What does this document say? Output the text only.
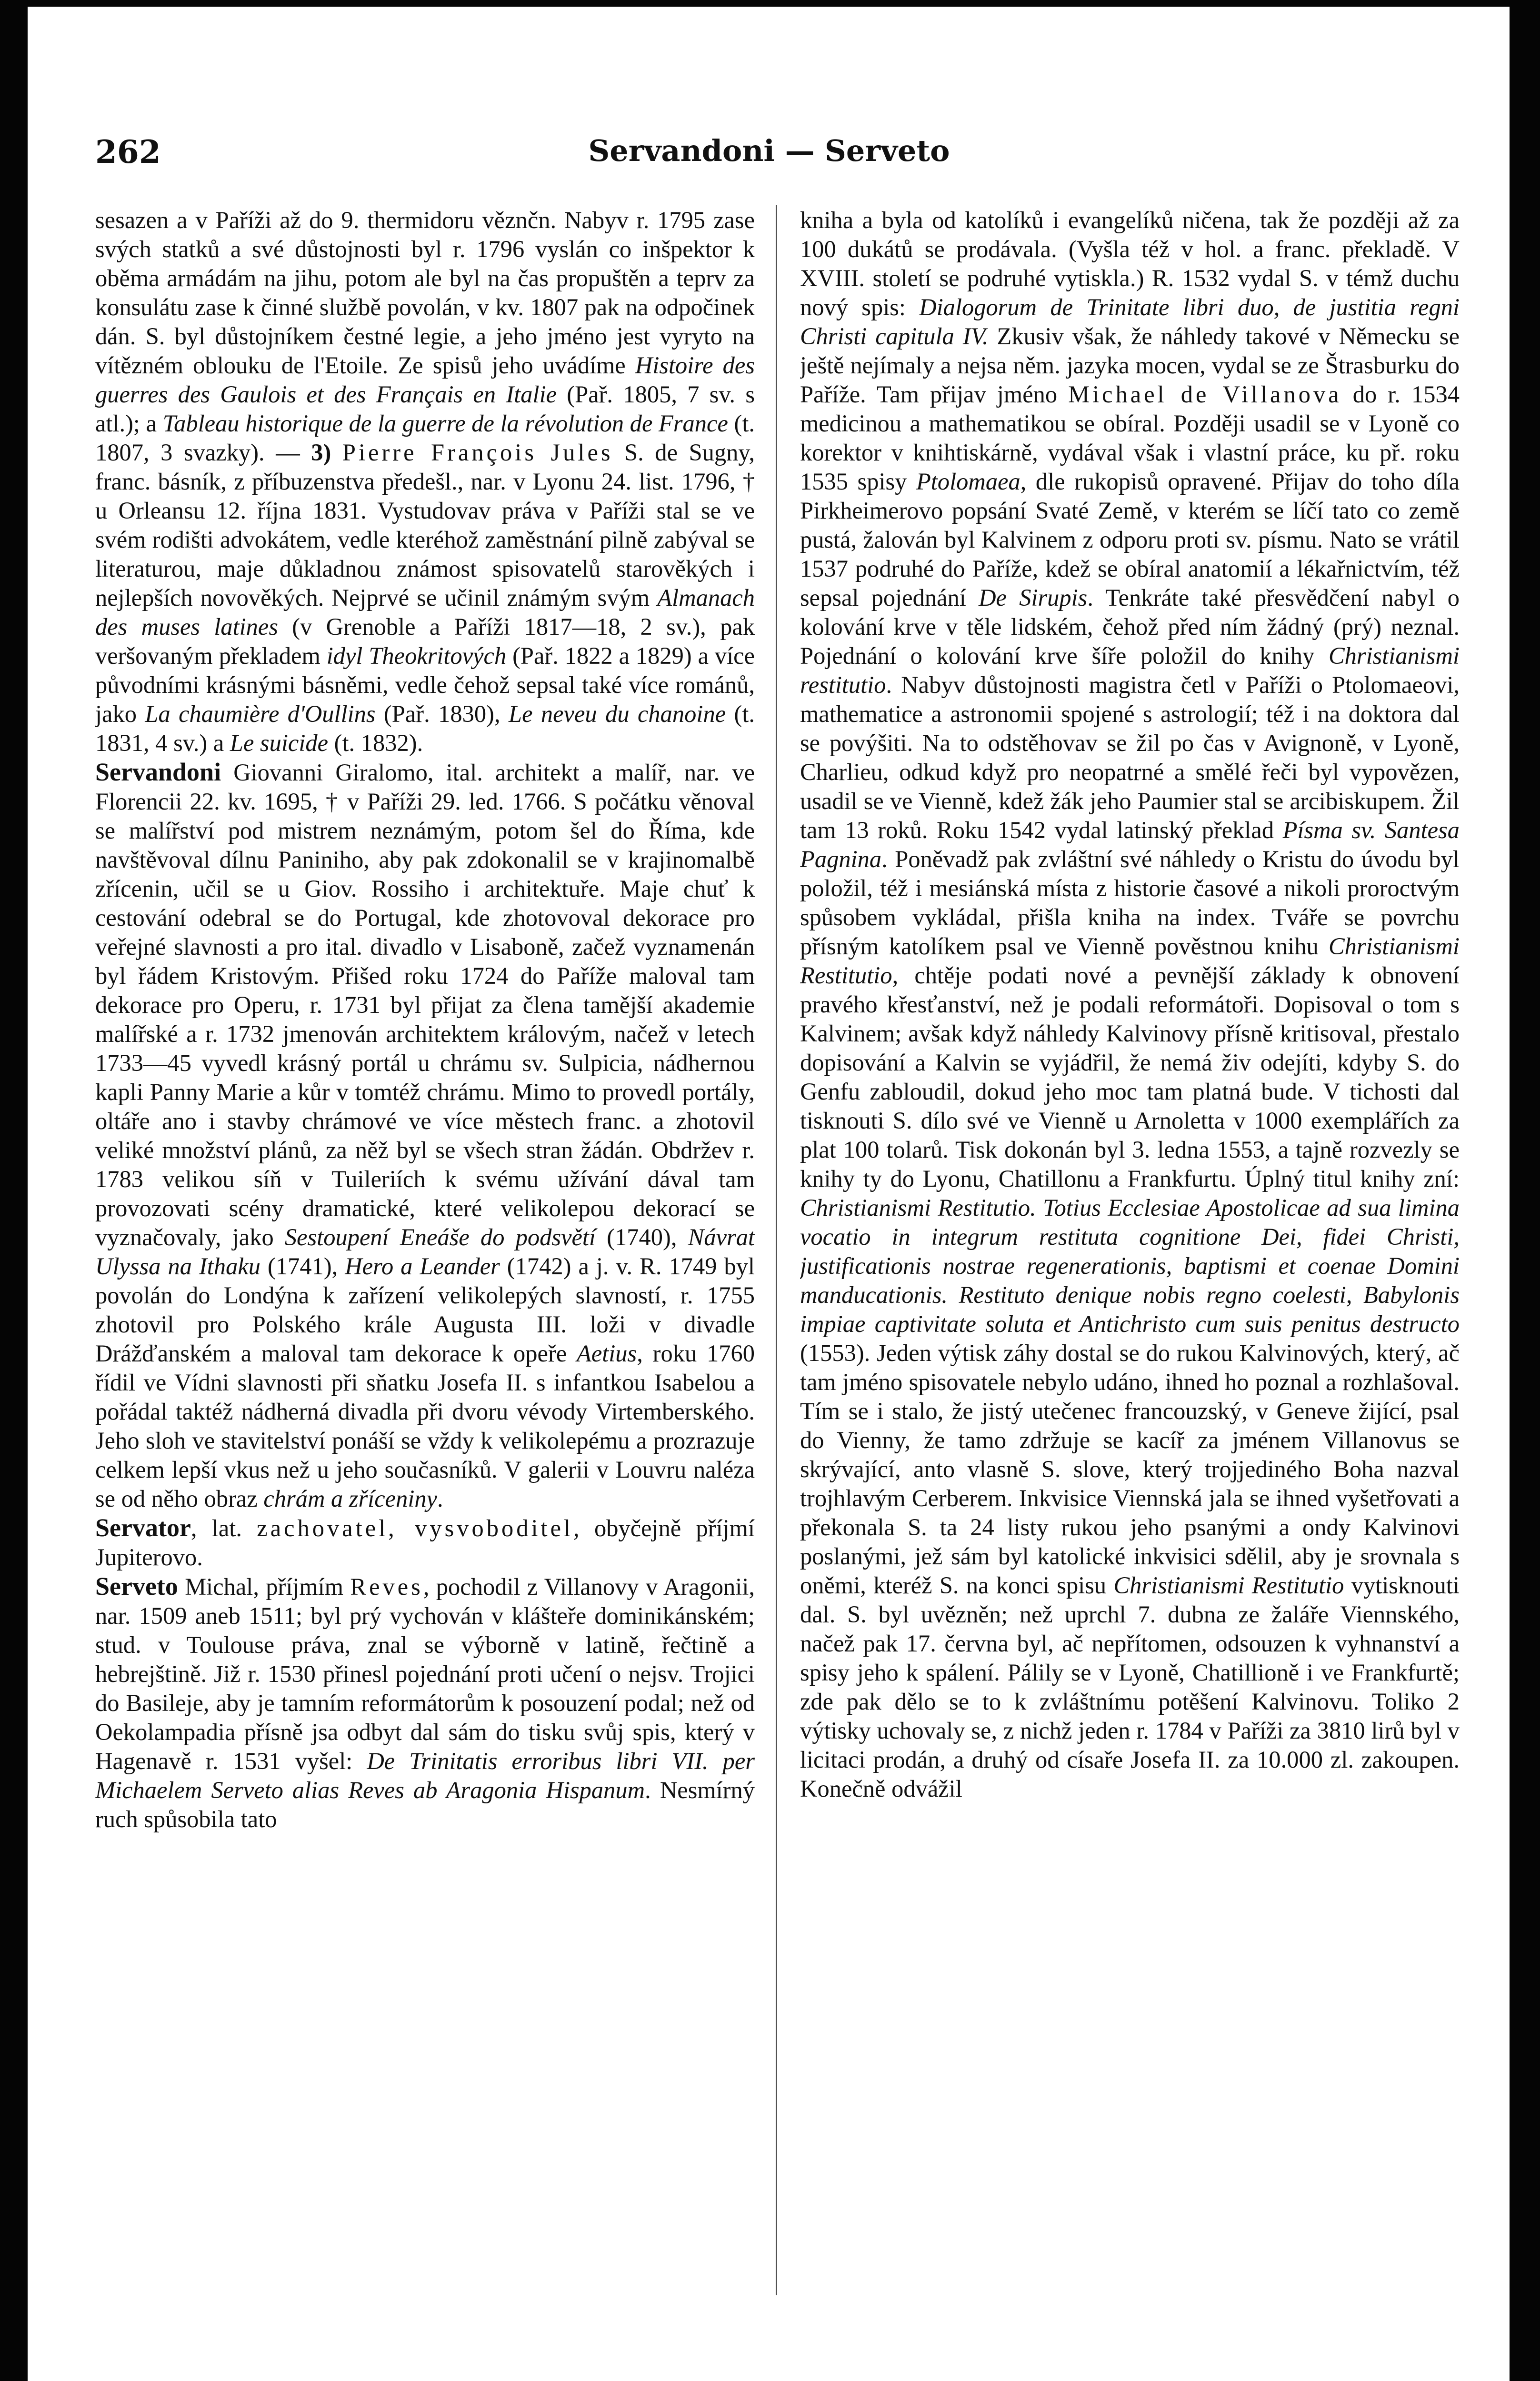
262	Servandoni — Serveto

sesazen a v Paříži až do 9. thermidoru věznčn. Nabyv r. 1795 zase svých statků a své důstojnosti byl r. 1796 vyslán co inšpektor k oběma armádám na jihu, potom ale byl na čas propuštěn a teprv za konsulátu zase k činné službě povolán, v kv. 1807 pak na odpočinek dán. S. byl důstojníkem čestné legie, a jeho jméno jest vyryto na vítězném oblouku de l'Etoile. Ze spisů jeho uvádíme Histoire des guerres des Gaulois et des Français en Italie (Pař. 1805, 7 sv. s atl.); a Tableau historique de la guerre de la révolution de France (t. 1807, 3 svazky). — 3) Pierre François Jules S. de Sugny, franc. básník, z příbuzenstva předešl., nar. v Lyonu 24. list. 1796, † u Orleansu 12. října 1831. Vystudovav práva v Paříži stal se ve svém rodišti advokátem, vedle kteréhož zaměstnání pilně zabýval se literaturou, maje důkladnou známost spisovatelů starověkých i nejlepších novověkých. Nejprvé se učinil známým svým Almanach des muses latines (v Grenoble a Paříži 1817—18, 2 sv.), pak veršovaným překladem idyl Theokritových (Pař. 1822 a 1829) a více původními krásnými básněmi, vedle čehož sepsal také více románů, jako La chaumière d'Oullins (Pař. 1830), Le neveu du chanoine (t. 1831, 4 sv.) a Le suicide (t. 1832).

Servandoni Giovanni Giralomo, ital. architekt a malíř, nar. ve Florencii 22. kv. 1695, † v Paříži 29. led. 1766. S počátku věnoval se malířství pod mistrem neznámým, potom šel do Říma, kde navštěvoval dílnu Paniniho, aby pak zdokonalil se v krajinomalbě zřícenin, učil se u Giov. Rossiho i architektuře. Maje chuť k cestování odebral se do Portugal, kde zhotovoval dekorace pro veřejné slavnosti a pro ital. divadlo v Lisaboně, začež vyznamenán byl řádem Kristovým. Přišed roku 1724 do Paříže maloval tam dekorace pro Operu, r. 1731 byl přijat za člena tamější akademie malířské a r. 1732 jmenován architektem královým, načež v letech 1733—45 vyvedl krásný portál u chrámu sv. Sulpicia, nádhernou kapli Panny Marie a kůr v tomtéž chrámu. Mimo to provedl portály, oltáře ano i stavby chrámové ve více městech franc. a zhotovil veliké množství plánů, za něž byl se všech stran žádán. Obdržev r. 1783 velikou síň v Tuileriích k svému užívání dával tam provozovati scény dramatické, které velikolepou dekorací se vyznačovaly, jako Sestoupení Eneáše do podsvětí (1740), Návrat Ulyssa na Ithaku (1741), Hero a Leander (1742) a j. v. R. 1749 byl povolán do Londýna k zařízení velikolepých slavností, r. 1755 zhotovil pro Polského krále Augusta III. loži v divadle Drážďanském a maloval tam dekorace k opeře Aetius, roku 1760 řídil ve Vídni slavnosti při sňatku Josefa II. s infantkou Isabelou a pořádal taktéž nádherná divadla při dvoru vévody Virtemberského. Jeho sloh ve stavitelství ponáší se vždy k velikolepému a prozrazuje celkem lepší vkus než u jeho současníků. V galerii v Louvru naléza se od něho obraz chrám a zříceniny.

Servator, lat. zachovatel, vysvoboditel, obyčejně příjmí Jupiterovo.

Serveto Michal, příjmím Reves, pochodil z Villanovy v Aragonii, nar. 1509 aneb 1511; byl prý vychován v klášteře dominikánském; stud. v Toulouse práva, znal se výborně v latině, řečtině a hebrejštině. Již r. 1530 přinesl pojednání proti učení o nejsv. Trojici do Basileje, aby je tamním reformátorům k posouzení podal; než od Oekolampadia přísně jsa odbyt dal sám do tisku svůj spis, který v Hagenavě r. 1531 vyšel: De Trinitatis erroribus libri VII. per Michaelem Serveto alias Reves ab Aragonia Hispanum. Nesmírný ruch spůsobila tato

kniha a byla od katolíků i evangelíků ničena, tak že později až za 100 dukátů se prodávala. (Vyšla též v hol. a franc. překladě. V XVIII. století se podruhé vytiskla.) R. 1532 vydal S. v témž duchu nový spis: Dialogorum de Trinitate libri duo, de justitia regni Christi capitula IV. Zkusiv však, že náhledy takové v Německu se ještě nejímaly a nejsa něm. jazyka mocen, vydal se ze Štrasburku do Paříže. Tam přijav jméno Michael de Villanova do r. 1534 medicinou a mathematikou se obíral. Později usadil se v Lyoně co korektor v knihtiskárně, vydával však i vlastní práce, ku př. roku 1535 spisy Ptolomaea, dle rukopisů opravené. Přijav do toho díla Pirkheimerovo popsání Svaté Země, v kterém se líčí tato co země pustá, žalován byl Kalvinem z odporu proti sv. písmu. Nato se vrátil 1537 podruhé do Paříže, kdež se obíral anatomií a lékařnictvím, též sepsal pojednání De Sirupis. Tenkráte také přesvědčení nabyl o kolování krve v těle lidském, čehož před ním žádný (prý) neznal. Pojednání o kolování krve šíře položil do knihy Christianismi restitutio. Nabyv důstojnosti magistra četl v Paříži o Ptolomaeovi, mathematice a astronomii spojené s astrologií; též i na doktora dal se povýšiti. Na to odstěhovav se žil po čas v Avignoně, v Lyoně, Charlieu, odkud když pro neopatrné a smělé řeči byl vypovězen, usadil se ve Vienně, kdež žák jeho Paumier stal se arcibiskupem. Žil tam 13 roků. Roku 1542 vydal latinský překlad Písma sv. Santesa Pagnina. Poněvadž pak zvláštní své náhledy o Kristu do úvodu byl položil, též i mesiánská místa z historie časové a nikoli proroctvým spůsobem vykládal, přišla kniha na index. Tváře se povrchu přísným katolíkem psal ve Vienně pověstnou knihu Christianismi Restitutio, chtěje podati nové a pevnější základy k obnovení pravého křesťanství, než je podali reformátoři. Dopisoval o tom s Kalvinem; avšak když náhledy Kalvinovy přísně kritisoval, přestalo dopisování a Kalvin se vyjádřil, že nemá živ odejíti, kdyby S. do Genfu zabloudil, dokud jeho moc tam platná bude. V tichosti dal tisknouti S. dílo své ve Vienně u Arnoletta v 1000 exemplářích za plat 100 tolarů. Tisk dokonán byl 3. ledna 1553, a tajně rozvezly se knihy ty do Lyonu, Chatillonu a Frankfurtu. Úplný titul knihy zní: Christianismi Restitutio. Totius Ecclesiae Apostolicae ad sua limina vocatio in integrum restituta cognitione Dei, fidei Christi, justificationis nostrae regenerationis, baptismi et coenae Domini manducationis. Restituto denique nobis regno coelesti, Babylonis impiae captivitate soluta et Antichristo cum suis penitus destructo (1553). Jeden výtisk záhy dostal se do rukou Kalvinových, který, ač tam jméno spisovatele nebylo udáno, ihned ho poznal a rozhlašoval. Tím se i stalo, že jistý utečenec francouzský, v Geneve žijící, psal do Vienny, že tamo zdržuje se kacíř za jménem Villanovus se skrývající, anto vlasně S. slove, který trojjediného Boha nazval trojhlavým Cerberem. Inkvisice Viennská jala se ihned vyšetřovati a překonala S. ta 24 listy rukou jeho psanými a ondy Kalvinovi poslanými, jež sám byl katolické inkvisici sdělil, aby je srovnala s oněmi, kteréž S. na konci spisu Christianismi Restitutio vytisknouti dal. S. byl uvězněn; než uprchl 7. dubna ze žaláře Viennského, načež pak 17. června byl, ač nepřítomen, odsouzen k vyhnanství a spisy jeho k spálení. Pálily se v Lyoně, Chatillioně i ve Frankfurtě; zde pak dělo se to k zvláštnímu potěšení Kalvinovu. Toliko 2 výtisky uchovaly se, z nichž jeden r. 1784 v Paříži za 3810 lirů byl v licitaci prodán, a druhý od císaře Josefa II. za 10.000 zl. zakoupen. Konečně odvážil
